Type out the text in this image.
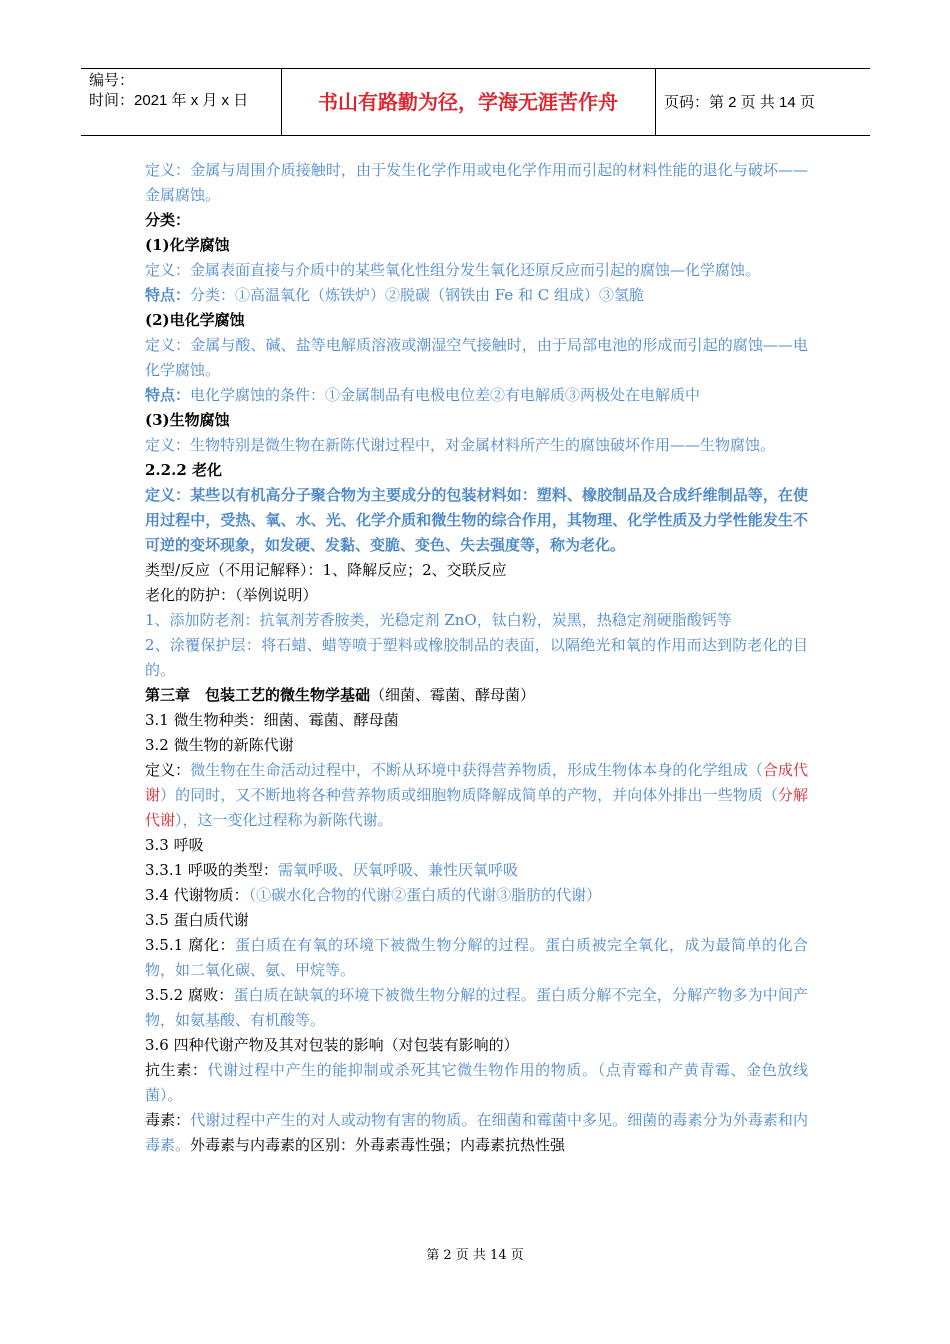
编号：
时间：2021 年 x 月 x 日	书山有路勤为径，学海无涯苦作舟	页码：第 2 页 共 14 页

定义：金属与周围介质接触时，由于发生化学作用或电化学作用而引起的材料性能的退化与破坏——金属腐蚀。

分类：

(1)化学腐蚀

定义：金属表面直接与介质中的某些氧化性组分发生氧化还原反应而引起的腐蚀—化学腐蚀。

特点：分类：①高温氧化（炼铁炉）②脱碳（钢铁由 Fe 和 C 组成）③氢脆

(2)电化学腐蚀

定义：金属与酸、碱、盐等电解质溶液或潮湿空气接触时，由于局部电池的形成而引起的腐蚀——电化学腐蚀。

特点：电化学腐蚀的条件：①金属制品有电极电位差②有电解质③两极处在电解质中

(3)生物腐蚀

定义：生物特别是微生物在新陈代谢过程中，对金属材料所产生的腐蚀破坏作用——生物腐蚀。

2.2.2 老化

定义：某些以有机高分子聚合物为主要成分的包装材料如：塑料、橡胶制品及合成纤维制品等，在使用过程中，受热、氧、水、光、化学介质和微生物的综合作用，其物理、化学性质及力学性能发生不可逆的变坏现象，如发硬、发黏、变脆、变色、失去强度等，称为老化。

类型/反应（不用记解释）：1、降解反应；2、交联反应

老化的防护：（举例说明）

1、添加防老剂：抗氧剂芳香胺类，光稳定剂 ZnO，钛白粉，炭黑，热稳定剂硬脂酸钙等

2、涂覆保护层：将石蜡、蜡等喷于塑料或橡胶制品的表面，以隔绝光和氧的作用而达到防老化的目的。

第三章　包装工艺的微生物学基础（细菌、霉菌、酵母菌）

3.1 微生物种类：细菌、霉菌、酵母菌

3.2 微生物的新陈代谢

定义：微生物在生命活动过程中，不断从环境中获得营养物质，形成生物体本身的化学组成（合成代谢）的同时，又不断地将各种营养物质或细胞物质降解成简单的产物，并向体外排出一些物质（分解代谢），这一变化过程称为新陈代谢。

3.3 呼吸

3.3.1 呼吸的类型：需氧呼吸、厌氧呼吸、兼性厌氧呼吸

3.4 代谢物质：（①碳水化合物的代谢②蛋白质的代谢③脂肪的代谢）

3.5 蛋白质代谢

3.5.1 腐化：蛋白质在有氧的环境下被微生物分解的过程。蛋白质被完全氧化，成为最简单的化合物，如二氧化碳、氨、甲烷等。

3.5.2 腐败：蛋白质在缺氧的环境下被微生物分解的过程。蛋白质分解不完全，分解产物多为中间产物，如氨基酸、有机酸等。

3.6 四种代谢产物及其对包装的影响（对包装有影响的）

抗生素：代谢过程中产生的能抑制或杀死其它微生物作用的物质。（点青霉和产黄青霉、金色放线菌）。

毒素：代谢过程中产生的对人或动物有害的物质。在细菌和霉菌中多见。细菌的毒素分为外毒素和内毒素。外毒素与内毒素的区别：外毒素毒性强；内毒素抗热性强

第 2 页 共 14 页
